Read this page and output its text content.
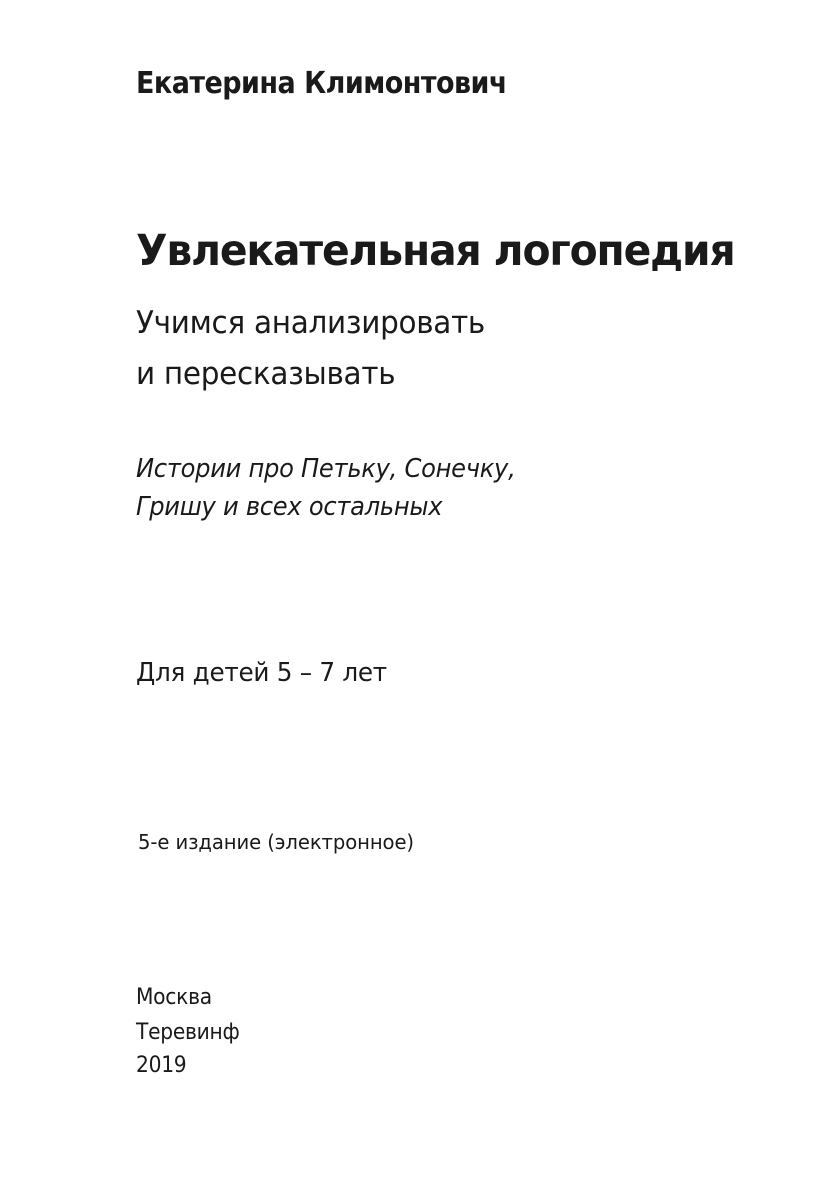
Екатерина Климонтович
Увлекательная логопедия
Учимся анализировать
и пересказывать
Истории про Петьку, Сонечку,
Гришу и всех остальных
Для детей 5 – 7 лет
5-е издание (электронное)
Москва
Теревинф
2019
